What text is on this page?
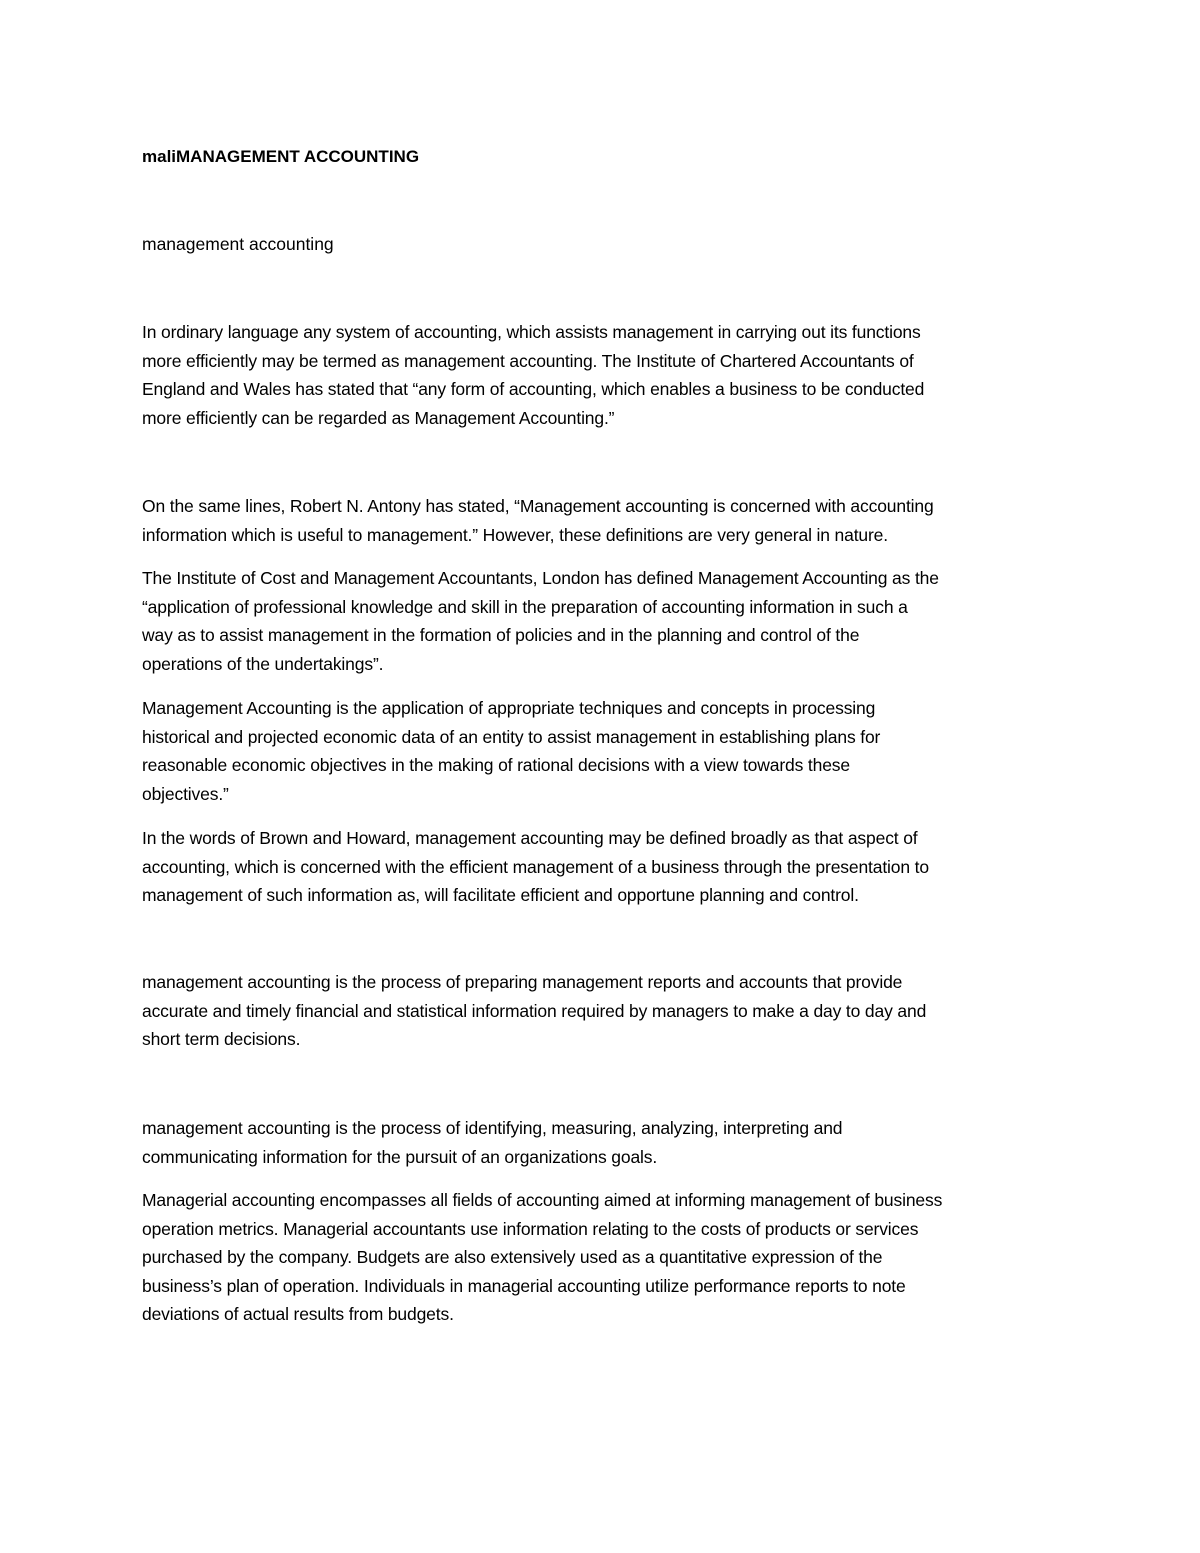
maliMANAGEMENT ACCOUNTING

management accounting

In ordinary language any system of accounting, which assists management in carrying out its functions
more efficiently may be termed as management accounting. The Institute of Chartered Accountants of
England and Wales has stated that “any form of accounting, which enables a business to be conducted
more efficiently can be regarded as Management Accounting.”

On the same lines, Robert N. Antony has stated, “Management accounting is concerned with accounting
information which is useful to management.” However, these definitions are very general in nature.

The Institute of Cost and Management Accountants, London has defined Management Accounting as the
“application of professional knowledge and skill in the preparation of accounting information in such a
way as to assist management in the formation of policies and in the planning and control of the
operations of the undertakings”.

Management Accounting is the application of appropriate techniques and concepts in processing
historical and projected economic data of an entity to assist management in establishing plans for
reasonable economic objectives in the making of rational decisions with a view towards these
objectives.”

In the words of Brown and Howard, management accounting may be defined broadly as that aspect of
accounting, which is concerned with the efficient management of a business through the presentation to
management of such information as, will facilitate efficient and opportune planning and control.

management accounting is the process of preparing management reports and accounts that provide
accurate and timely financial and statistical information required by managers to make a day to day and
short term decisions.

management accounting is the process of identifying, measuring, analyzing, interpreting and
communicating information for the pursuit of an organizations goals.

Managerial accounting encompasses all fields of accounting aimed at informing management of business
operation metrics. Managerial accountants use information relating to the costs of products or services
purchased by the company. Budgets are also extensively used as a quantitative expression of the
business’s plan of operation. Individuals in managerial accounting utilize performance reports to note
deviations of actual results from budgets.
